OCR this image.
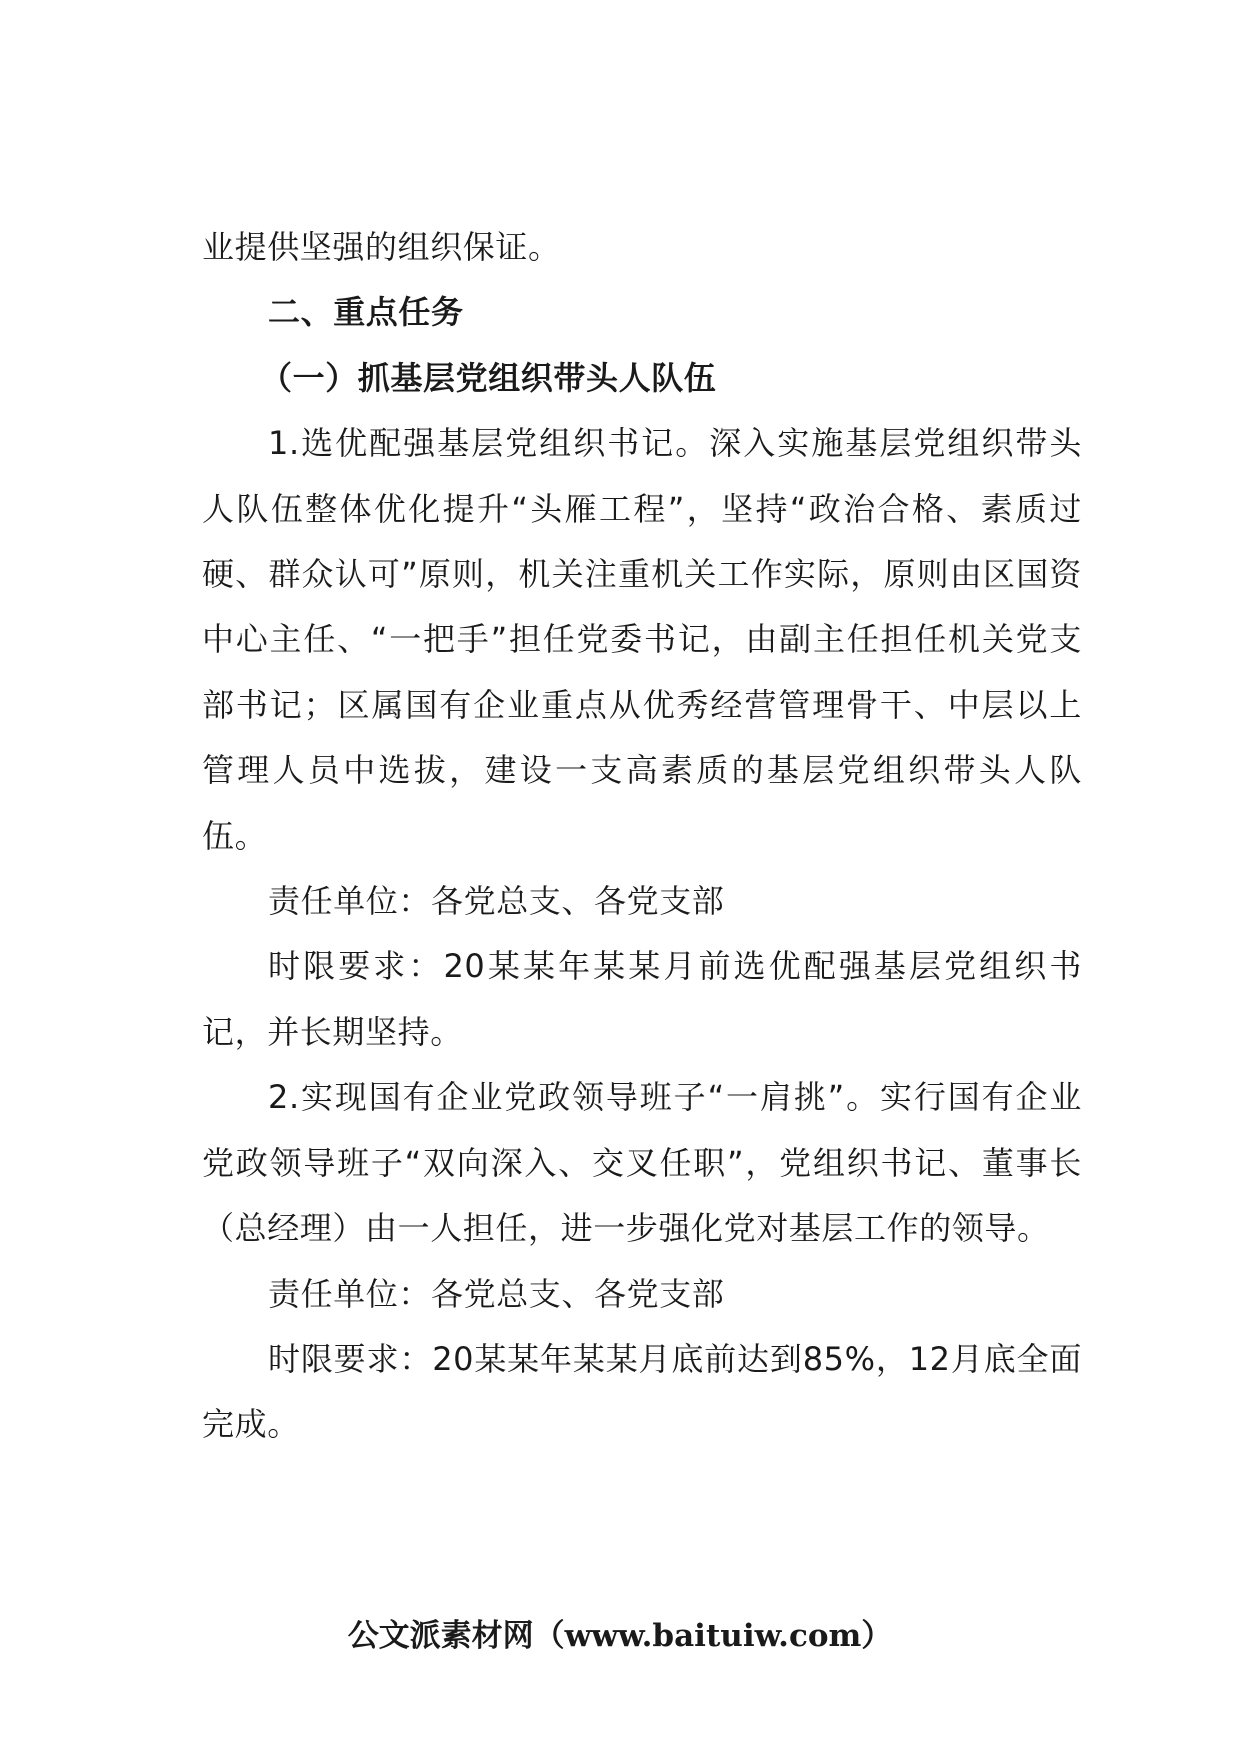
业提供坚强的组织保证。

二、重点任务

（一）抓基层党组织带头人队伍

1.选优配强基层党组织书记。深入实施基层党组织带头人队伍整体优化提升“头雁工程”，坚持“政治合格、素质过硬、群众认可”原则，机关注重机关工作实际，原则由区国资中心主任、“一把手”担任党委书记，由副主任担任机关党支部书记；区属国有企业重点从优秀经营管理骨干、中层以上管理人员中选拔，建设一支高素质的基层党组织带头人队伍。

责任单位：各党总支、各党支部

时限要求：20某某年某某月前选优配强基层党组织书记，并长期坚持。

2.实现国有企业党政领导班子“一肩挑”。实行国有企业党政领导班子“双向深入、交叉任职”，党组织书记、董事长（总经理）由一人担任，进一步强化党对基层工作的领导。

责任单位：各党总支、各党支部

时限要求：20某某年某某月底前达到85%，12月底全面完成。

公文派素材网（www.baituiw.com）
